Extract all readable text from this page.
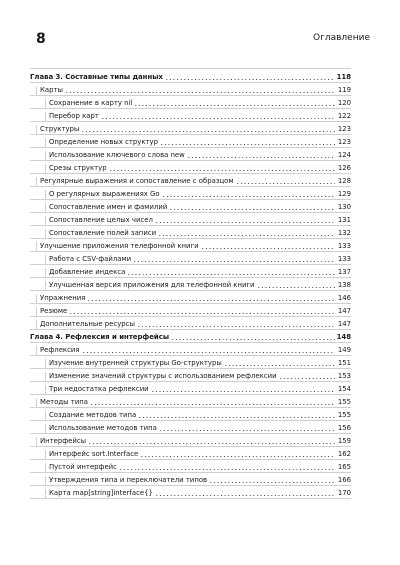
8	Оглавление
Глава 3. Составные типы данных	118
Карты	119
Сохранение в карту nil	120
Перебор карт	122
Структуры	123
Определение новых структур	123
Использование ключевого слова new	124
Срезы структур	126
Регулярные выражения и сопоставление с образцом	128
О регулярных выражениях Go	129
Сопоставление имен и фамилий	130
Сопоставление целых чисел	131
Сопоставление полей записи	132
Улучшение приложения телефонной книги	133
Работа с CSV-файлами	133
Добавление индекса	137
Улучшенная версия приложения для телефонной книги	138
Упражнения	146
Резюме	147
Дополнительные ресурсы	147
Глава 4. Рефлексия и интерфейсы	148
Рефлексия	149
Изучение внутренней структуры Go-структуры	151
Изменение значений структуры с использованием рефлексии	153
Три недостатка рефлексии	154
Методы типа	155
Создание методов типа	155
Использование методов типа	156
Интерфейсы	159
Интерфейс sort.Interface	162
Пустой интерфейс	165
Утверждения типа и переключатели типов	166
Карта map[string]interface{}	170
